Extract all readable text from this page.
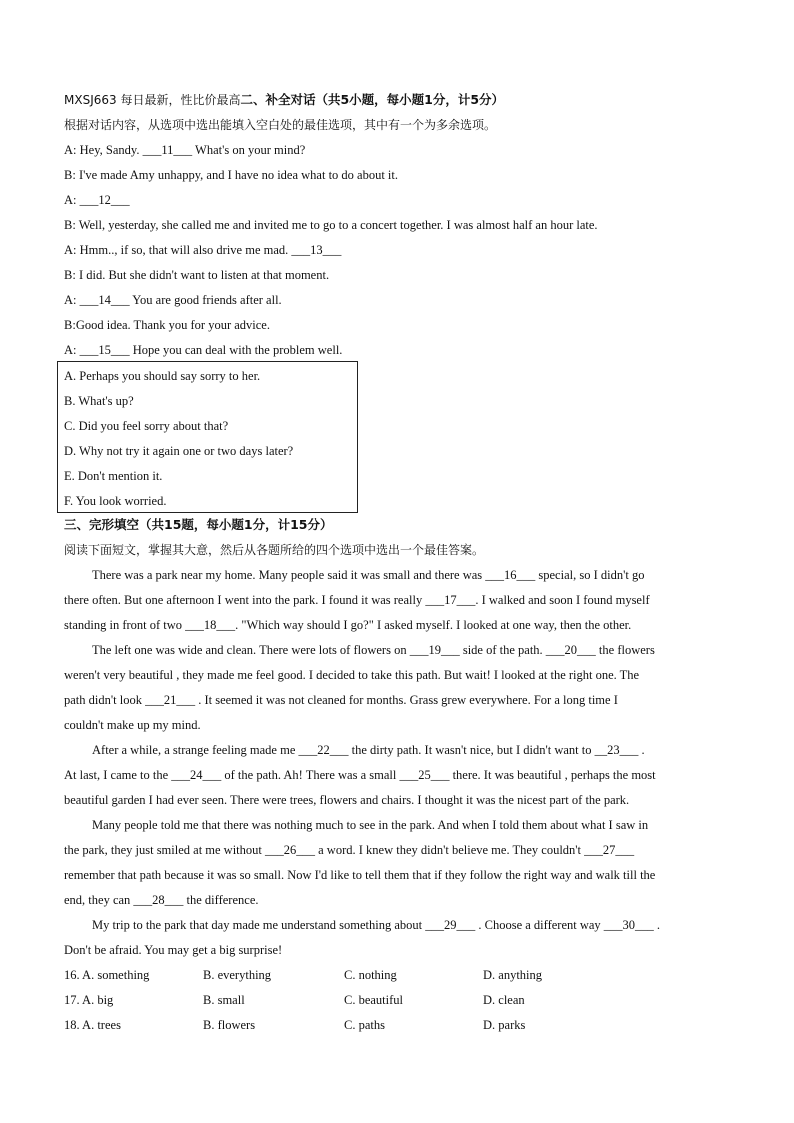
MXSJ663 每日最新，性比价最高二、补全对话（共5小题，每小题1分，计5分）
根据对话内容，从选项中选出能填入空白处的最佳选项，其中有一个为多余选项。
A: Hey, Sandy. ___11___ What's on your mind?
B: I've made Amy unhappy, and I have no idea what to do about it.
A: ___12___
B: Well, yesterday, she called me and invited me to go to a concert together. I was almost half an hour late.
A: Hmm.., if so, that will also drive me mad. ___13___
B: I did. But she didn't want to listen at that moment.
A: ___14___ You are good friends after all.
B:Good idea. Thank you for your advice.
A: ___15___ Hope you can deal with the problem well.
A. Perhaps you should say sorry to her.
B. What's up?
C. Did you feel sorry about that?
D. Why not try it again one or two days later?
E. Don't mention it.
F. You look worried.
三、完形填空（共15题，每小题1分，计15分）
阅读下面短文，掌握其大意，然后从各题所给的四个选项中选出一个最佳答案。
There was a park near my home. Many people said it was small and there was ___16___ special, so I didn't go
there often. But one afternoon I went into the park. I found it was really ___17___. I walked and soon I found myself
standing in front of two ___18___. "Which way should I go?" I asked myself. I looked at one way, then the other.
The left one was wide and clean. There were lots of flowers on ___19___ side of the path. ___20___ the flowers
weren't very beautiful , they made me feel good. I decided to take this path. But wait! I looked at the right one. The
path didn't look ___21___ . It seemed it was not cleaned for months. Grass grew everywhere. For a long time I
couldn't make up my mind.
After a while, a strange feeling made me ___22___ the dirty path. It wasn't nice, but I didn't want to __23___ .
At last, I came to the ___24___ of the path. Ah! There was a small ___25___ there. It was beautiful , perhaps the most
beautiful garden I had ever seen. There were trees, flowers and chairs. I thought it was the nicest part of the park.
Many people told me that there was nothing much to see in the park. And when I told them about what I saw in
the park, they just smiled at me without ___26___ a word. I knew they didn't believe me. They couldn't ___27___
remember that path because it was so small. Now I'd like to tell them that if they follow the right way and walk till the
end, they can ___28___ the difference.
My trip to the park that day made me understand something about ___29___ . Choose a different way ___30___ .
Don't be afraid. You may get a big surprise!
16. A. something	B. everything	C. nothing	D. anything
17. A. big	B. small	C. beautiful	D. clean
18. A. trees	B. flowers	C. paths	D. parks
